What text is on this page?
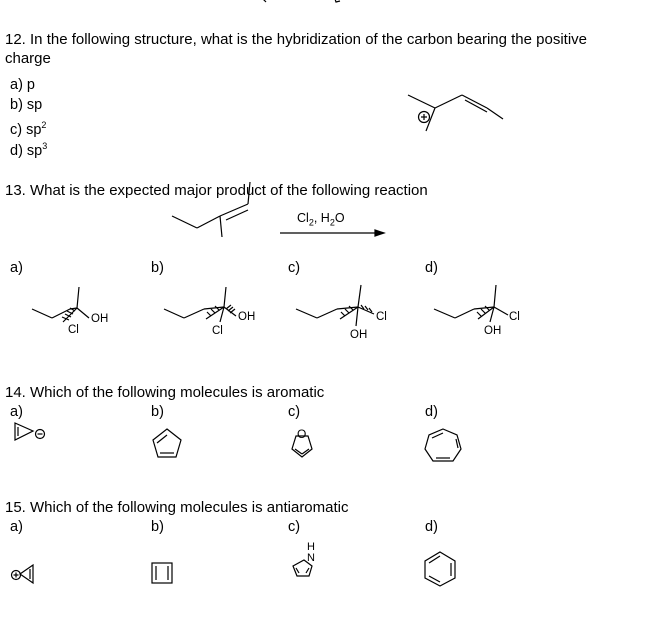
12. In the following structure, what is the hybridization of the carbon bearing the positive
charge
a) p
b) sp
c) $sp^2$
d) $sp^3$
13. What is the expected major product of the following reaction
$Cl_2$, $H_2O$
a)	b)	c)	d)
OH
Cl
OH
Cl
Cl
OH
Cl
OH
14. Which of the following molecules is aromatic
a)	b)	c)	d)
O
15. Which of the following molecules is antiaromatic
a)	b)	c)	d)
H
N
